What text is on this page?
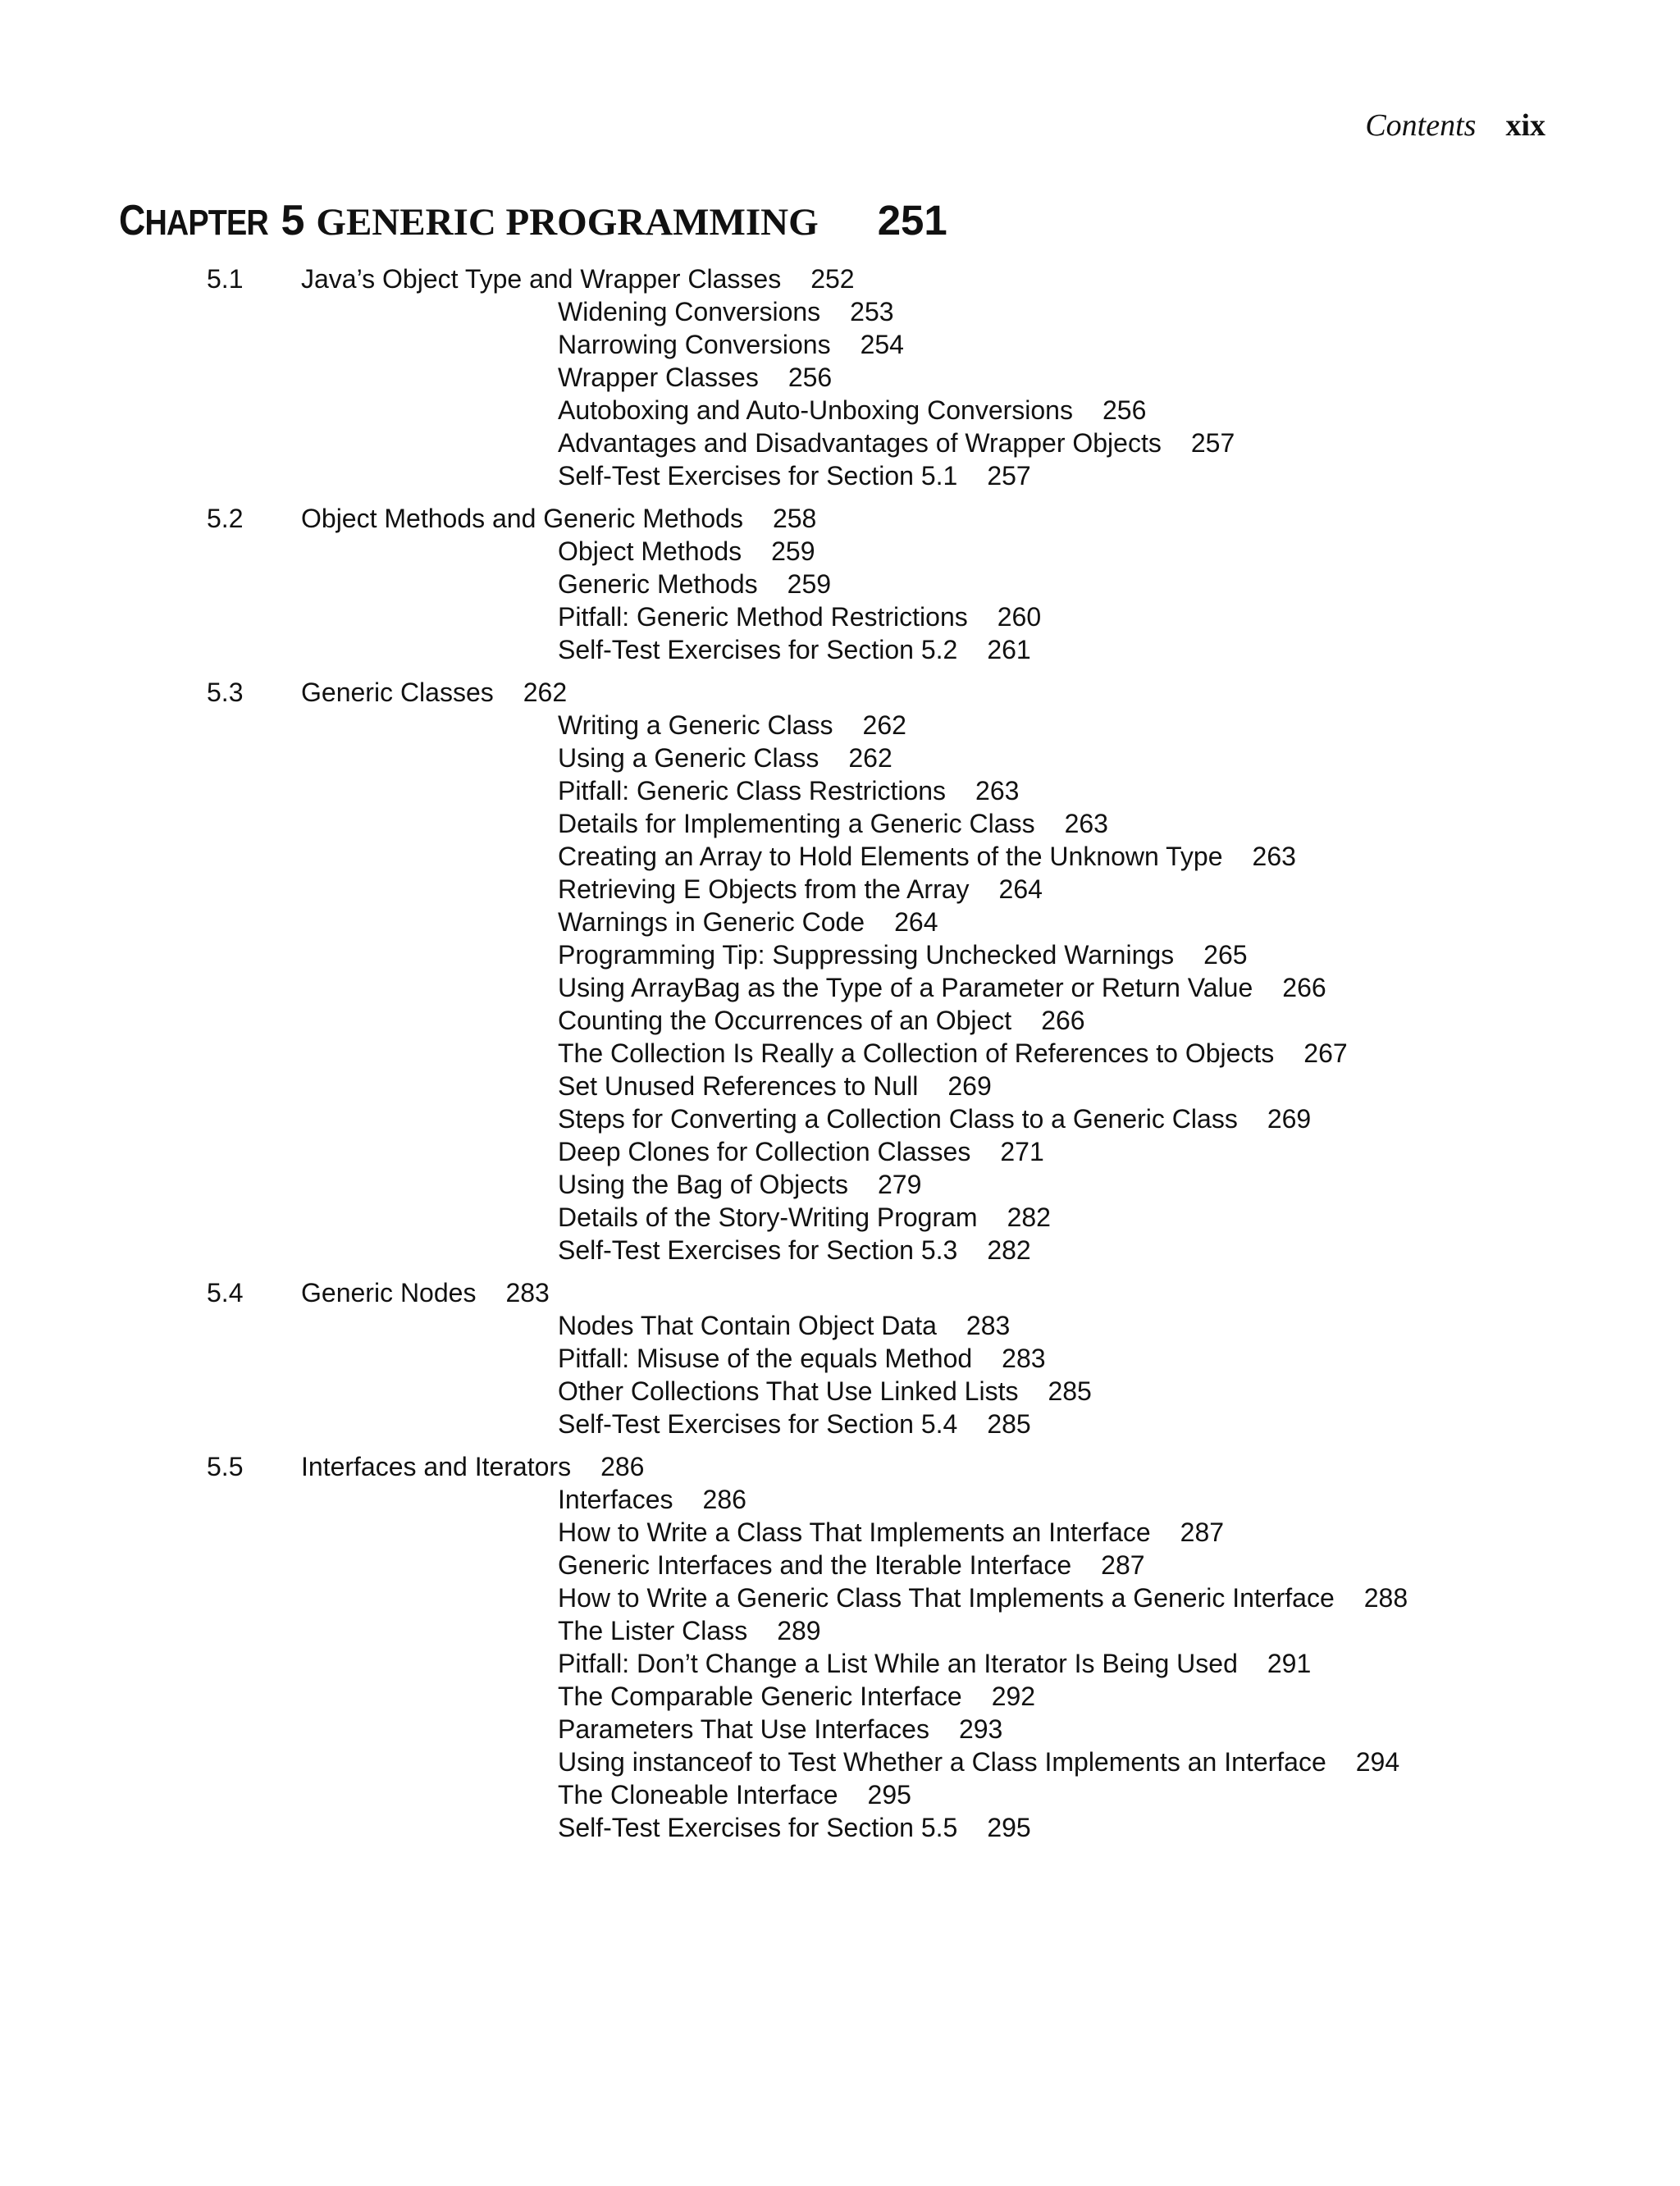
Contents xix
CHAPTER 5 GENERIC PROGRAMMING 251
5.1 Java’s Object Type and Wrapper Classes 252
Widening Conversions 253
Narrowing Conversions 254
Wrapper Classes 256
Autoboxing and Auto-Unboxing Conversions 256
Advantages and Disadvantages of Wrapper Objects 257
Self-Test Exercises for Section 5.1 257
5.2 Object Methods and Generic Methods 258
Object Methods 259
Generic Methods 259
Pitfall: Generic Method Restrictions 260
Self-Test Exercises for Section 5.2 261
5.3 Generic Classes 262
Writing a Generic Class 262
Using a Generic Class 262
Pitfall: Generic Class Restrictions 263
Details for Implementing a Generic Class 263
Creating an Array to Hold Elements of the Unknown Type 263
Retrieving E Objects from the Array 264
Warnings in Generic Code 264
Programming Tip: Suppressing Unchecked Warnings 265
Using ArrayBag as the Type of a Parameter or Return Value 266
Counting the Occurrences of an Object 266
The Collection Is Really a Collection of References to Objects 267
Set Unused References to Null 269
Steps for Converting a Collection Class to a Generic Class 269
Deep Clones for Collection Classes 271
Using the Bag of Objects 279
Details of the Story-Writing Program 282
Self-Test Exercises for Section 5.3 282
5.4 Generic Nodes 283
Nodes That Contain Object Data 283
Pitfall: Misuse of the equals Method 283
Other Collections That Use Linked Lists 285
Self-Test Exercises for Section 5.4 285
5.5 Interfaces and Iterators 286
Interfaces 286
How to Write a Class That Implements an Interface 287
Generic Interfaces and the Iterable Interface 287
How to Write a Generic Class That Implements a Generic Interface 288
The Lister Class 289
Pitfall: Don’t Change a List While an Iterator Is Being Used 291
The Comparable Generic Interface 292
Parameters That Use Interfaces 293
Using instanceof to Test Whether a Class Implements an Interface 294
The Cloneable Interface 295
Self-Test Exercises for Section 5.5 295
